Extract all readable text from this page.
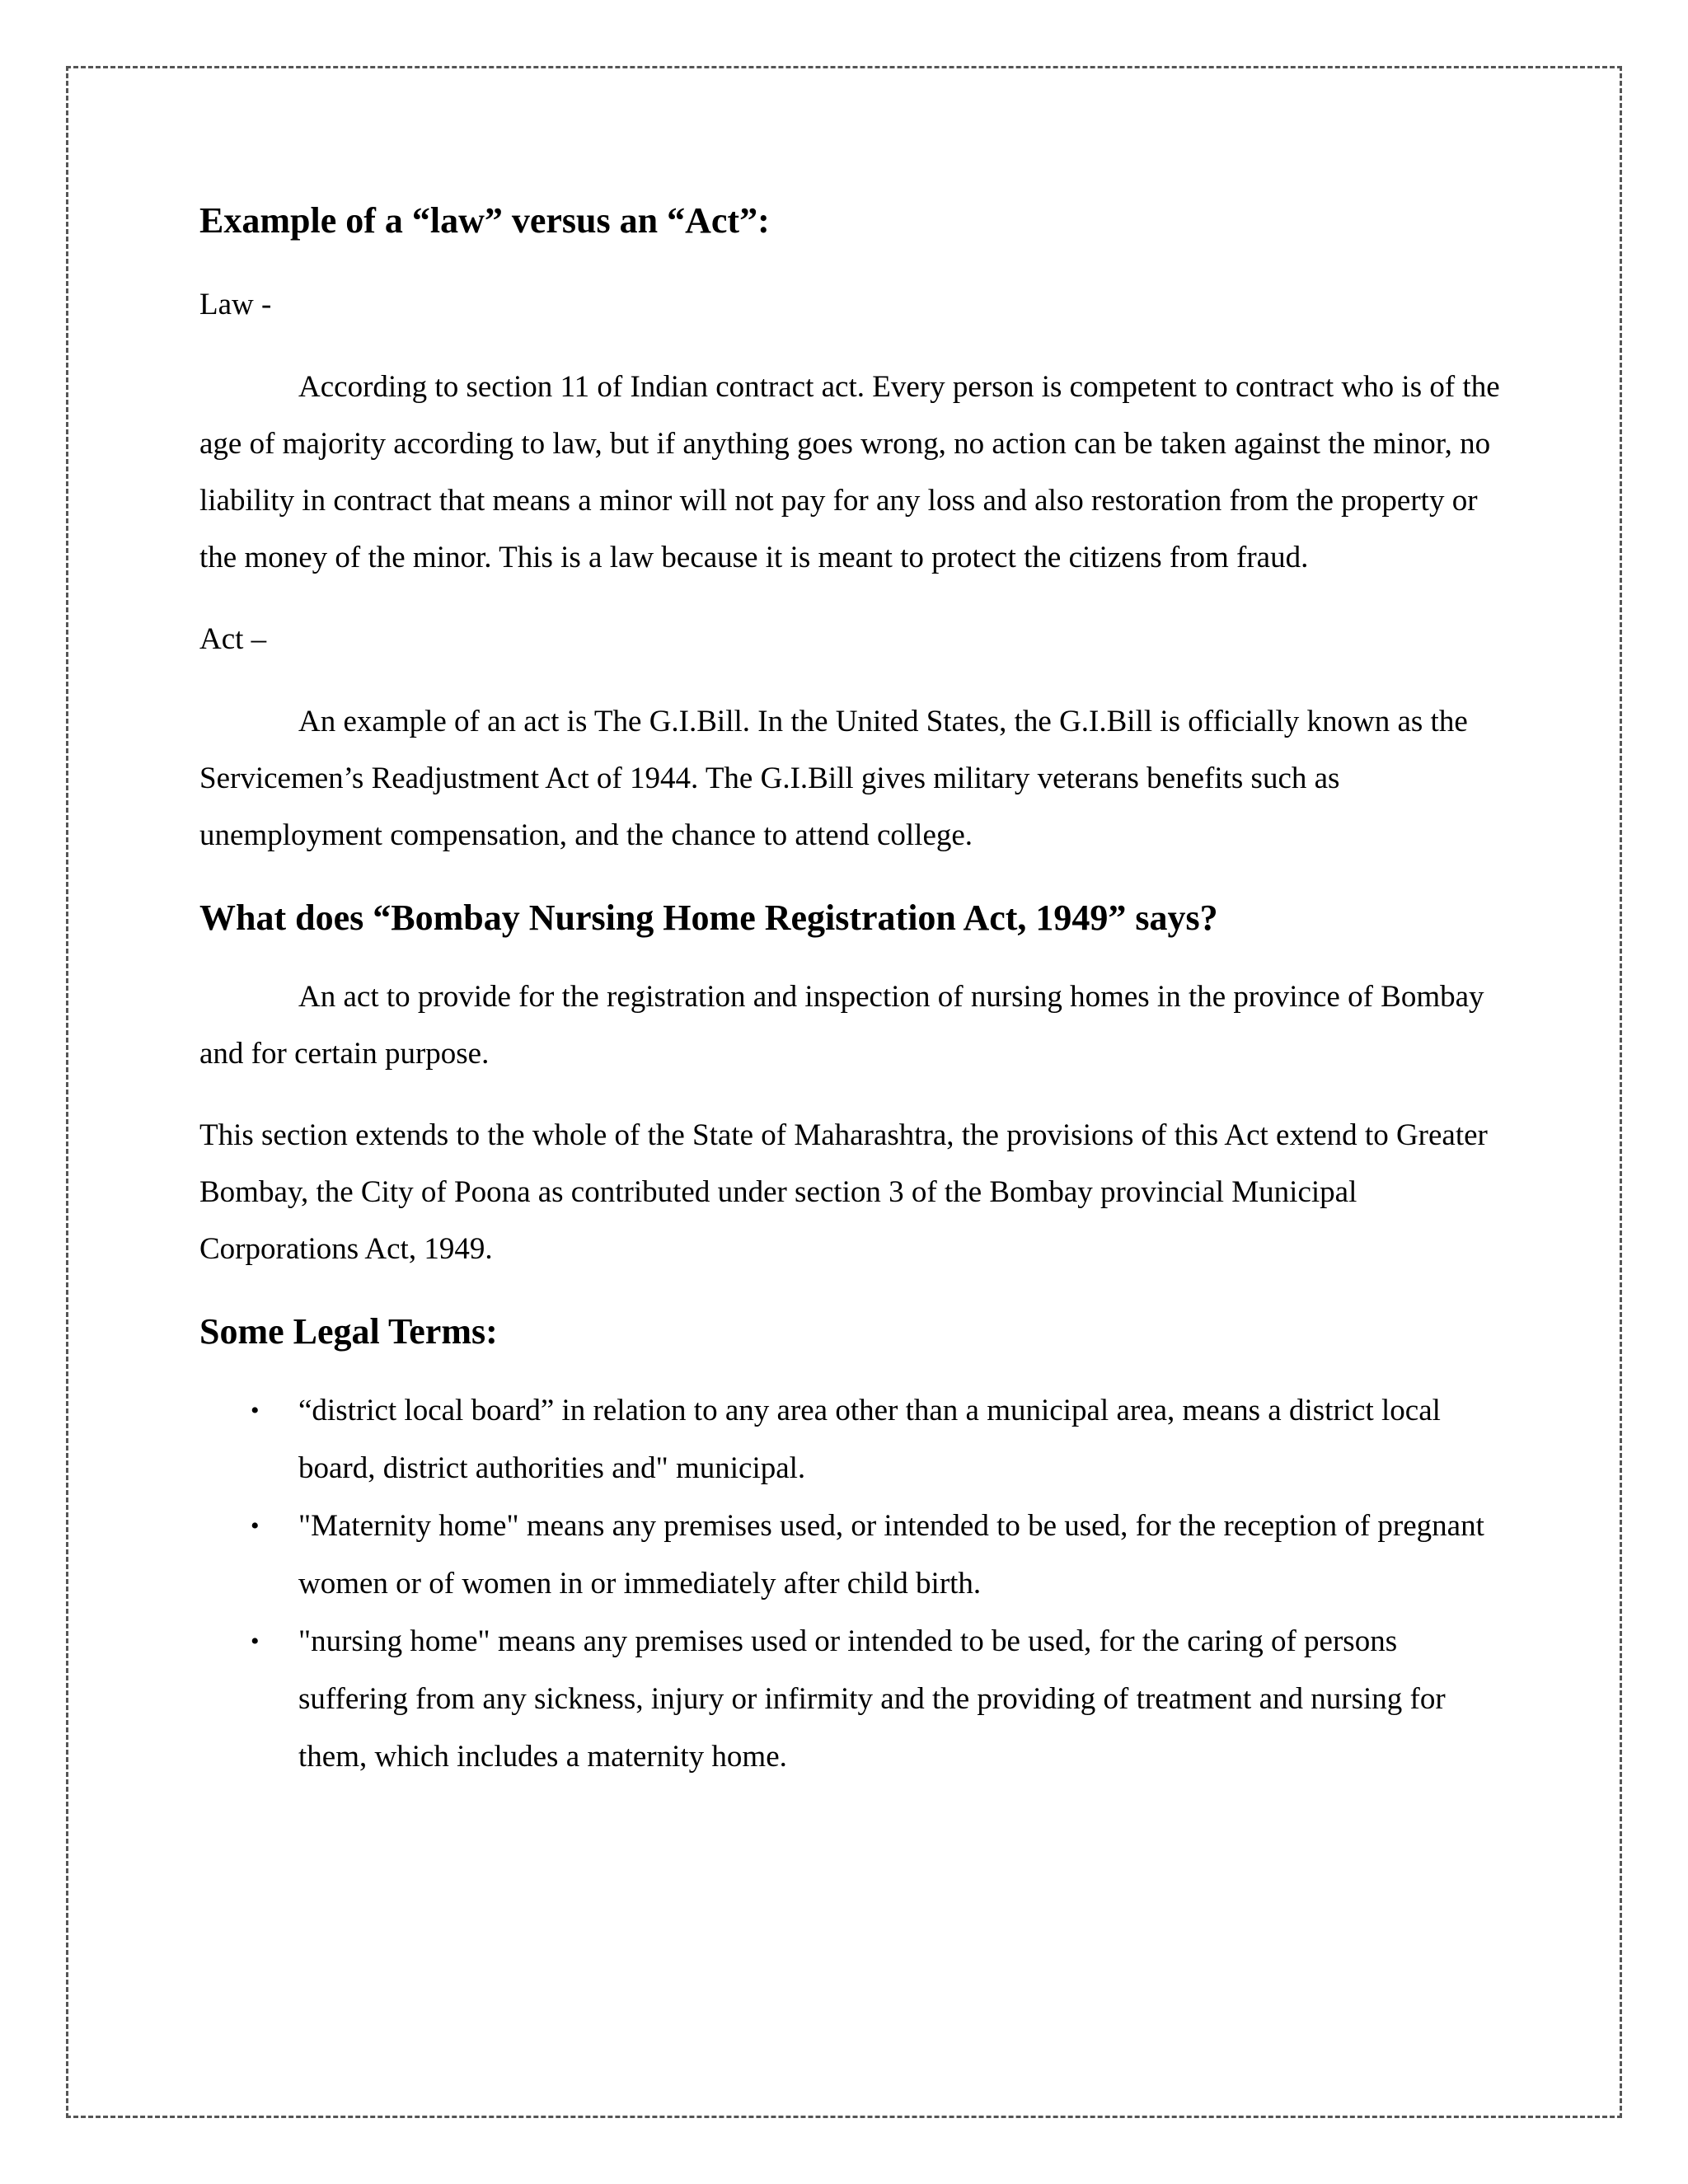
Example of a “law” versus an “Act”:

Law -

According to section 11 of Indian contract act. Every person is competent to contract who is of the age of majority according to law, but if anything goes wrong, no action can be taken against the minor, no liability in contract that means a minor will not pay for any loss and also restoration from the property or the money of the minor. This is a law because it is meant to protect the citizens from fraud.

Act –

An example of an act is The G.I.Bill. In the United States, the G.I.Bill is officially known as the Servicemen’s Readjustment Act of 1944. The G.I.Bill gives military veterans benefits such as unemployment compensation, and the chance to attend college.

What does “Bombay Nursing Home Registration Act, 1949” says?

An act to provide for the registration and inspection of nursing homes in the province of Bombay and for certain purpose.

This section extends to the whole of the State of Maharashtra, the provisions of this Act extend to Greater Bombay, the City of Poona as contributed under section 3 of the Bombay provincial Municipal Corporations Act, 1949.

Some Legal Terms:
• “district local board” in relation to any area other than a municipal area, means a district local board, district authorities and" municipal.
• "Maternity home" means any premises used, or intended to be used, for the reception of pregnant women or of women in or immediately after child birth.
• "nursing home" means any premises used or intended to be used, for the caring of persons suffering from any sickness, injury or infirmity and the providing of treatment and nursing for them, which includes a maternity home.
